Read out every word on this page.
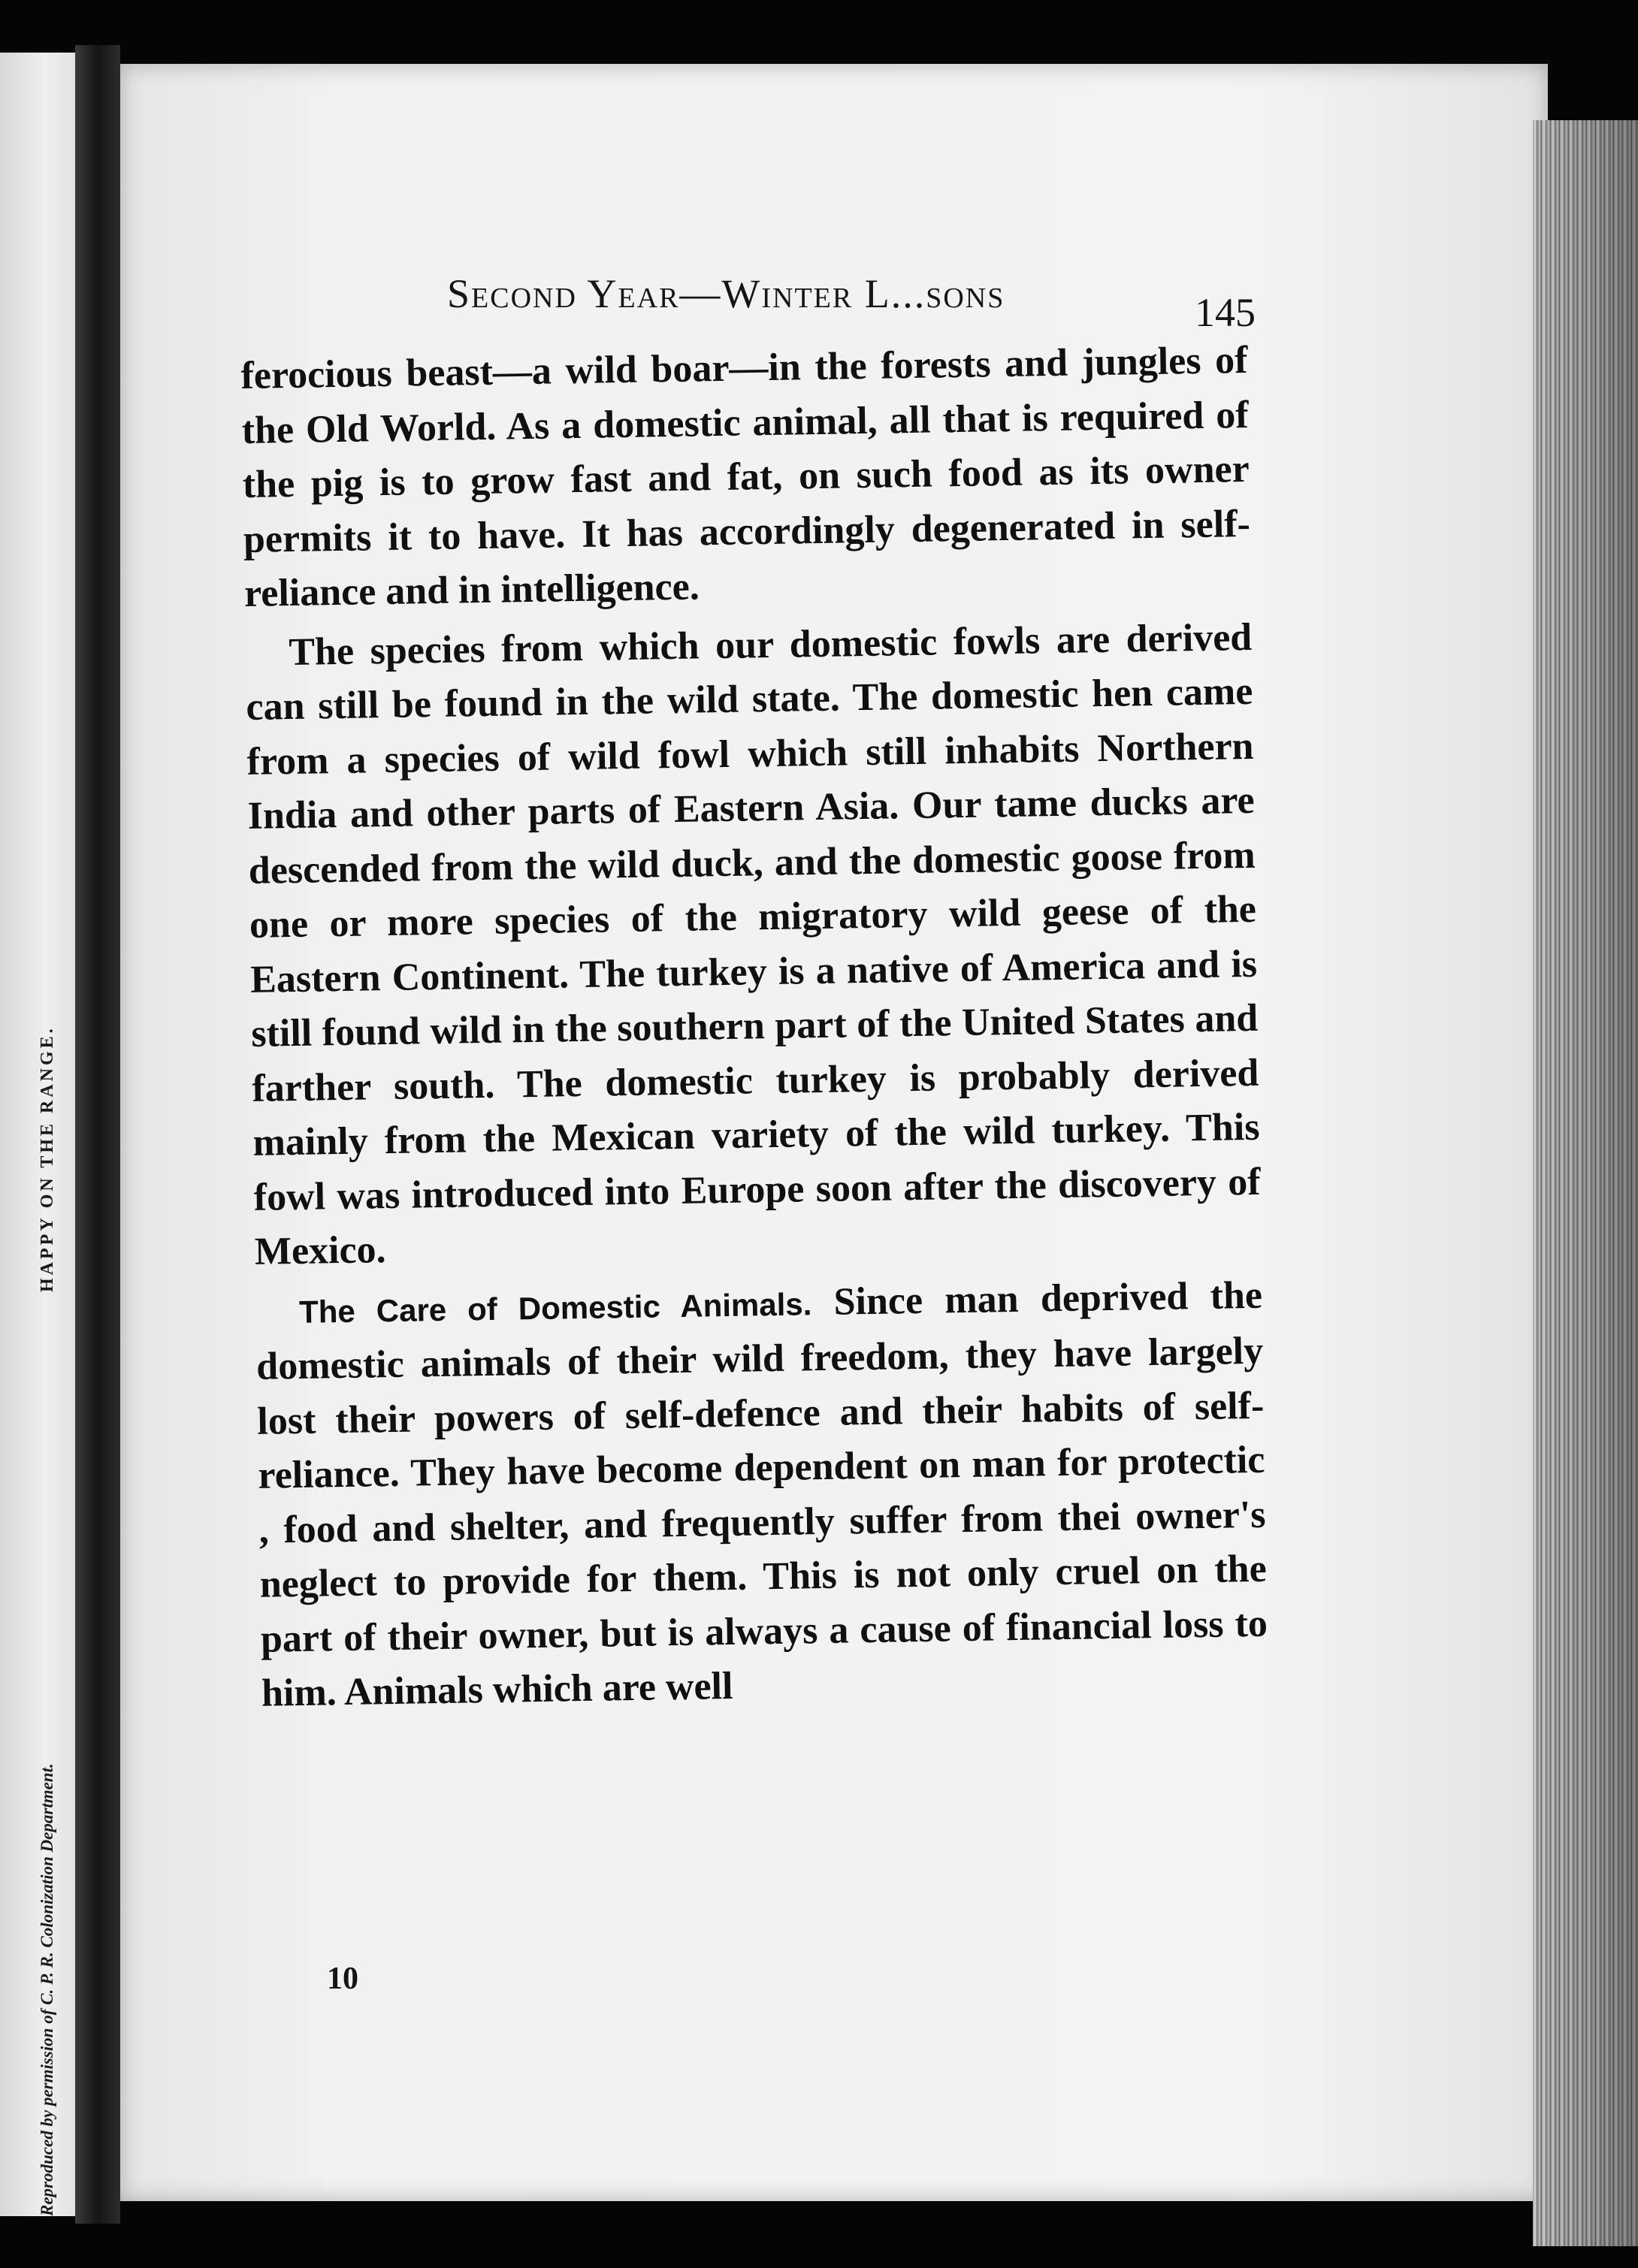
Reproduced by permission of C. P. R. Colonization Department.
HAPPY ON THE RANGE.
Second Year—Winter L...sons	145

ferocious beast—a wild boar—in the forests and jungles of the Old World. As a domestic animal, all that is required of the pig is to grow fast and fat, on such food as its owner permits it to have. It has accordingly degenerated in self-reliance and in intelligence.

The species from which our domestic fowls are derived can still be found in the wild state. The domestic hen came from a species of wild fowl which still inhabits Northern India and other parts of Eastern Asia. Our tame ducks are descended from the wild duck, and the domestic goose from one or more species of the migratory wild geese of the Eastern Continent. The turkey is a native of America and is still found wild in the southern part of the United States and farther south. The domestic turkey is probably derived mainly from the Mexican variety of the wild turkey. This fowl was introduced into Europe soon after the discovery of Mexico.

The Care of Domestic Animals. Since man deprived the domestic animals of their wild freedom, they have largely lost their powers of self-defence and their habits of self-reliance. They have become dependent on man for protectic , food and shelter, and frequently suffer from thei owner's neglect to provide for them. This is not only cruel on the part of their owner, but is always a cause of financial loss to him. Animals which are well

10
